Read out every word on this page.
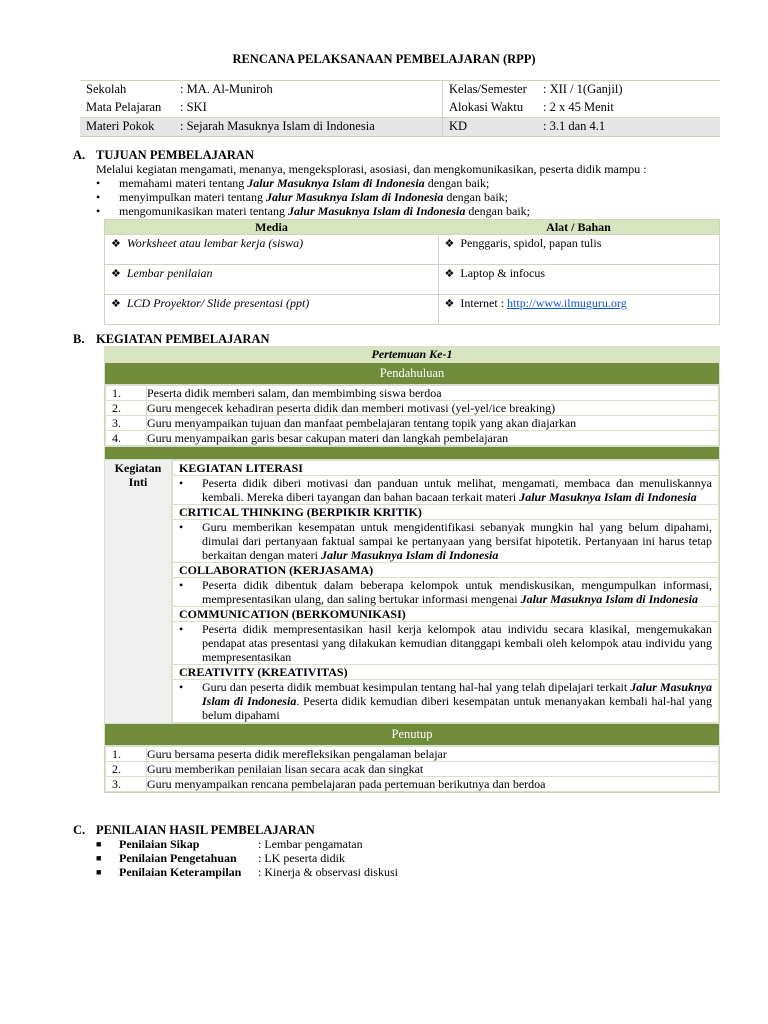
RENCANA PELAKSANAAN PEMBELAJARAN (RPP)
Sekolah	: MA. Al-Muniroh	Kelas/Semester	: XII / 1(Ganjil)
Mata Pelajaran	: SKI	Alokasi Waktu	: 2 x 45 Menit
Materi Pokok	: Sejarah Masuknya Islam di Indonesia	KD	: 3.1 dan 4.1
A. TUJUAN PEMBELAJARAN
Melalui kegiatan mengamati, menanya, mengeksplorasi, asosiasi, dan mengkomunikasikan, peserta didik mampu :
• memahami materi tentang Jalur Masuknya Islam di Indonesia dengan baik;
• menyimpulkan materi tentang Jalur Masuknya Islam di Indonesia dengan baik;
• mengomunikasikan materi tentang Jalur Masuknya Islam di Indonesia dengan baik;
Media	Alat / Bahan
❖ Worksheet atau lembar kerja (siswa)	❖ Penggaris, spidol, papan tulis
❖ Lembar penilaian	❖ Laptop & infocus
❖ LCD Proyektor/ Slide presentasi (ppt)	❖ Internet : http://www.ilmuguru.org
B. KEGIATAN PEMBELAJARAN
Pertemuan Ke-1
Pendahuluan

1.	Peserta didik memberi salam, dan membimbing siswa berdoa
2.	Guru mengecek kehadiran peserta didik dan memberi motivasi (yel-yel/ice breaking)
3.	Guru menyampaikan tujuan dan manfaat pembelajaran tentang topik yang akan diajarkan
4.	Guru menyampaikan garis besar cakupan materi dan langkah pembelajaran

Kegiatan Inti

KEGIATAN LITERASI

• Peserta didik diberi motivasi dan panduan untuk melihat, mengamati, membaca dan menuliskannya kembali. Mereka diberi tayangan dan bahan bacaan terkait materi Jalur Masuknya Islam di Indonesia
CRITICAL THINKING (BERPIKIR KRITIK)

• Guru memberikan kesempatan untuk mengidentifikasi sebanyak mungkin hal yang belum dipahami, dimulai dari pertanyaan faktual sampai ke pertanyaan yang bersifat hipotetik. Pertanyaan ini harus tetap berkaitan dengan materi Jalur Masuknya Islam di Indonesia
COLLABORATION (KERJASAMA)

• Peserta didik dibentuk dalam beberapa kelompok untuk mendiskusikan, mengumpulkan informasi, mempresentasikan ulang, dan saling bertukar informasi mengenai Jalur Masuknya Islam di Indonesia
COMMUNICATION (BERKOMUNIKASI)

• Peserta didik mempresentasikan hasil kerja kelompok atau individu secara klasikal, mengemukakan pendapat atas presentasi yang dilakukan kemudian ditanggapi kembali oleh kelompok atau individu yang mempresentasikan
CREATIVITY (KREATIVITAS)

• Guru dan peserta didik membuat kesimpulan tentang hal-hal yang telah dipelajari terkait Jalur Masuknya Islam di Indonesia. Peserta didik kemudian diberi kesempatan untuk menanyakan kembali hal-hal yang belum dipahami

Penutup

1.	Guru bersama peserta didik merefleksikan pengalaman belajar
2.	Guru memberikan penilaian lisan secara acak dan singkat
3.	Guru menyampaikan rencana pembelajaran pada pertemuan berikutnya dan berdoa
C. PENILAIAN HASIL PEMBELAJARAN
■ Penilaian Sikap	: Lembar pengamatan
■ Penilaian Pengetahuan : LK peserta didik
■ Penilaian Keterampilan : Kinerja & observasi diskusi
